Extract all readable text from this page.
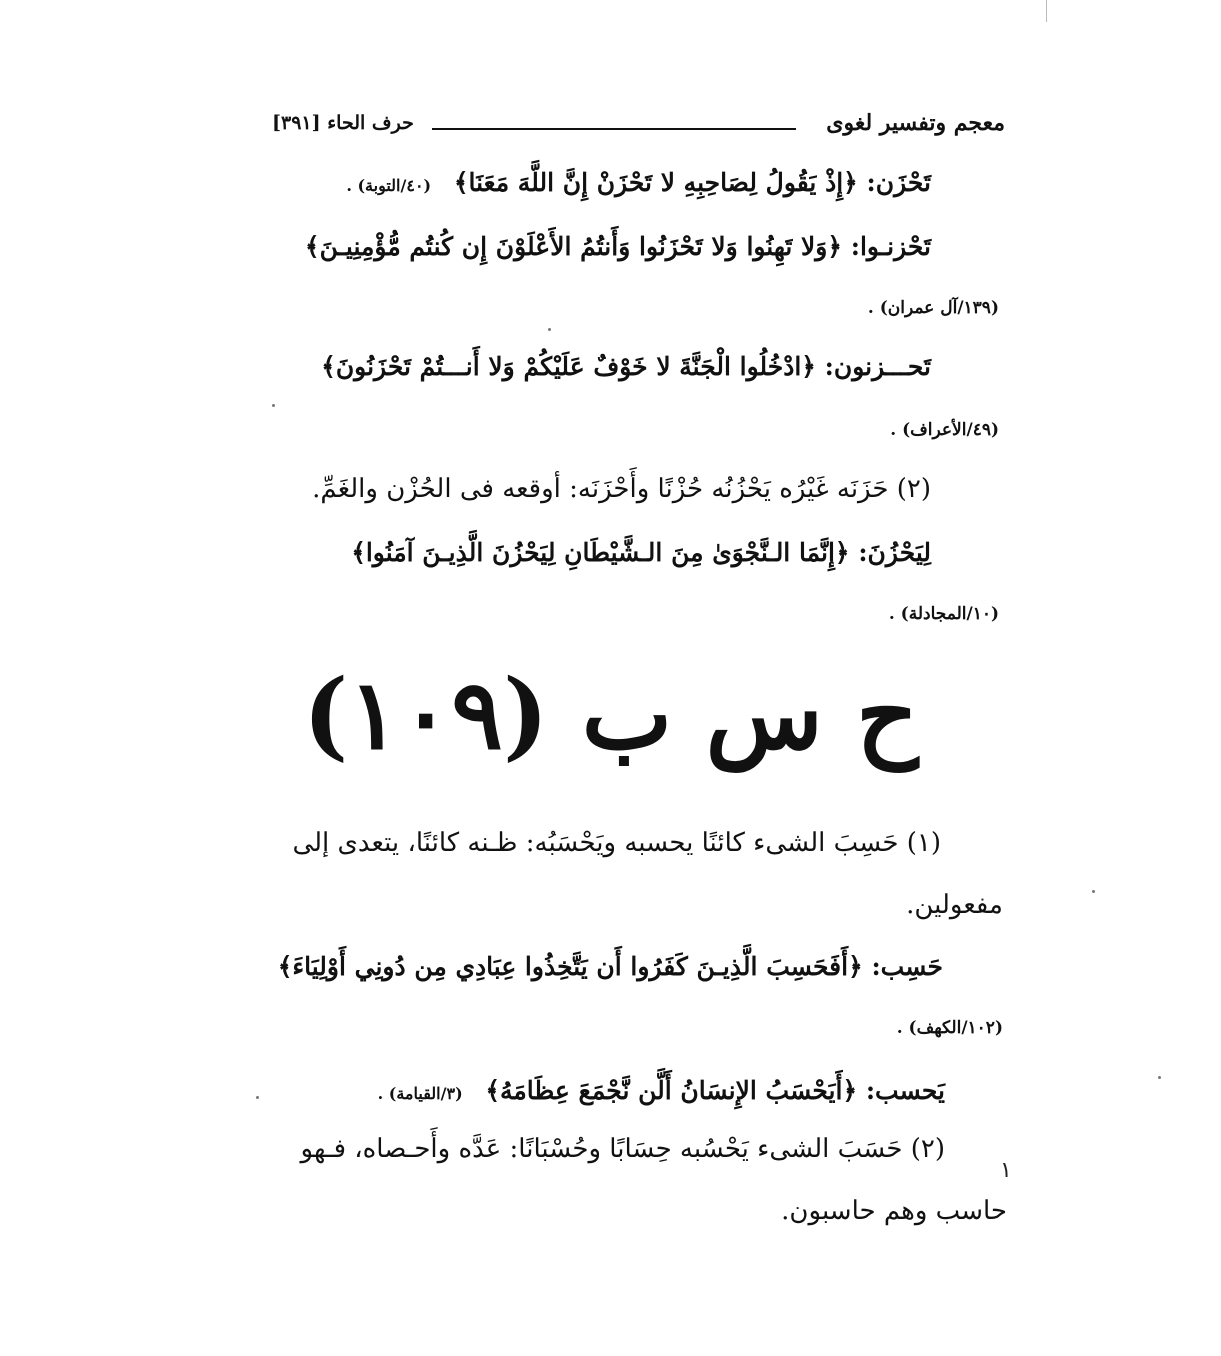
معجم وتفسير لغوى
حرف الحاء [٣٩١]
تَحْزَن: ﴿إِذْ يَقُولُ لِصَاحِبِهِ لا تَحْزَنْ إِنَّ اللَّهَ مَعَنَا﴾ (٤٠/التوبة) .
تَحْزنـوا: ﴿وَلا تَهِنُوا وَلا تَحْزَنُوا وَأَنتُمُ الأَعْلَوْنَ إِن كُنتُم مُّؤْمِنِيـنَ﴾
(١٣٩/آل عمران) .
تَحـــزنون: ﴿ادْخُلُوا الْجَنَّةَ لا خَوْفٌ عَلَيْكُمْ وَلا أَنـــتُمْ تَحْزَنُونَ﴾
(٤٩/الأعراف) .
(٢) حَزَنَه غَيْرُه يَحْزُنُه حُزْنًا وأَحْزَنَه: أوقعه فى الحُزْن والغَمِّ.
لِيَحْزُنَ: ﴿إِنَّمَا الـنَّجْوَىٰ مِنَ الـشَّيْطَانِ لِيَحْزُنَ الَّذِيـنَ آمَنُوا﴾
(١٠/المجادلة) .
ح س ب (١٠٩)
(١) حَسِبَ الشىء كائنًا يحسبه ويَحْسَبُه: ظـنه كائنًا، يتعدى إلى
مفعولين.
حَسِب: ﴿أَفَحَسِبَ الَّذِيـنَ كَفَرُوا أَن يَتَّخِذُوا عِبَادِي مِن دُونِي أَوْلِيَاءَ﴾
(١٠٢/الكهف) .
يَحسب: ﴿أَيَحْسَبُ الإِنسَانُ أَلَّن نَّجْمَعَ عِظَامَهُ﴾ (٣/القيامة) .
(٢) حَسَبَ الشىء يَحْسُبه حِسَابًا وحُسْبَانًا: عَدَّه وأَحـصاه، فـهو
حاسب وهم حاسبون.
١
